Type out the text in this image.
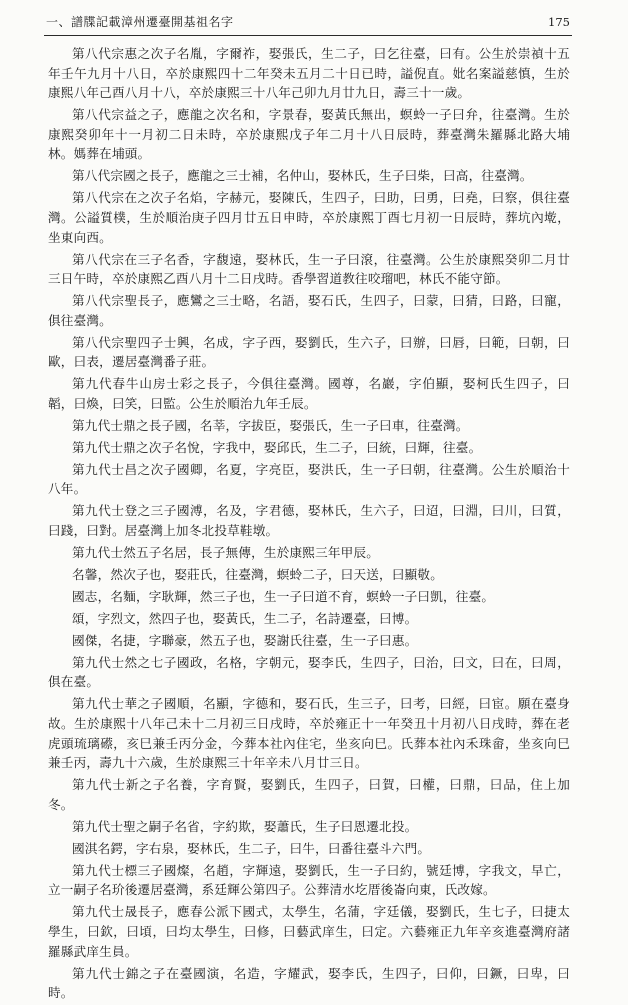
一、譜牒記載漳州遷臺開基祖名字	175

第八代宗惠之次子名胤，字爾祚，娶張氏，生二子，曰乞往臺，曰有。公生於崇禎十五年壬午九月十八日，卒於康熙四十二年癸未五月二十日已時，謚倪直。妣名案謚慈慎，生於康熙八年己酉八月十八，卒於康熙三十八年己卯九月廿九日，壽三十一歲。

第八代宗益之子，應龍之次名和，字景春，娶黃氏無出，螟蛉一子曰弁，往臺灣。生於康熙癸卯年十一月初二日未時，卒於康熙戊子年二月十八日辰時，葬臺灣朱羅縣北路大埔林。媽葬在埔頭。

第八代宗國之長子，應龍之三士補，名仲山，娶林氏，生子曰柴，曰高，往臺灣。

第八代宗在之次子名焰，字赫元，娶陳氏，生四子，曰助，曰勇，曰堯，曰察，俱往臺灣。公謚質樸，生於順治庚子四月廿五日申時，卒於康熙丁酉七月初一日辰時，葬坑內墘，坐東向西。

第八代宗在三子名香，字馥遠，娶林氏，生一子曰滾，往臺灣。公生於康熙癸卯二月廿三日午時，卒於康熙乙酉八月十二日戌時。香學習道教往咬瑠吧，林氏不能守節。

第八代宗聖長子，應鸞之三士略，名語，娶石氏，生四子，曰蒙，曰猜，曰路，曰寵，俱往臺灣。

第八代宗聖四子士興，名成，字子西，娶劉氏，生六子，曰辦，曰唇，曰範，曰朝，曰歐，曰表，遷居臺灣番子莊。

第九代春牛山房士彩之長子，今俱往臺灣。國尊，名巖，字伯顯，娶柯氏生四子，曰韜，曰煥，曰笑，曰監。公生於順治九年壬辰。

第九代士鼎之長子國，名莘，字拔臣，娶張氏，生一子曰車，往臺灣。

第九代士鼎之次子名悅，字我中，娶邱氏，生二子，曰統，曰輝，往臺。

第九代士昌之次子國卿，名夏，字亮臣，娶洪氏，生一子曰朝，往臺灣。公生於順治十八年。

第九代士登之三子國溥，名及，字君德，娶林氏，生六子，曰迢，曰淵，曰川，曰質，曰踐，曰對。居臺灣上加冬北投草鞋墩。

第九代士然五子名居，長子無傳，生於康熙三年甲辰。

名馨，然次子也，娶莊氏，往臺灣，螟蛉二子，曰天送，曰顯敬。

國志，名麵，字耿輝，然三子也，生一子曰道不育，螟蛉一子曰凱，往臺。

頌，字烈文，然四子也，娶黃氏，生二子，名詩遷臺，曰博。

國傑，名捷，字聯豪，然五子也，娶謝氏往臺，生一子曰惠。

第九代士然之七子國政，名格，字朝元，娶李氏，生四子，曰治，曰文，曰在，曰周，俱在臺。

第九代士華之子國順，名顯，字德和，娶石氏，生三子，曰考，曰經，曰宦。願在臺身故。生於康熙十八年己未十二月初三日戌時，卒於雍正十一年癸丑十月初八日戌時，葬在老虎頭琉璃礤，亥巳兼壬丙分金，今葬本社內住宅，坐亥向巳。氏葬本社內禾珠畲，坐亥向巳兼壬丙，壽九十六歲，生於康熙三十年辛未八月廿三日。

第九代士新之子名養，字育賢，娶劉氏，生四子，曰賀，曰權，曰鼎，曰品，住上加冬。

第九代士聖之嗣子名省，字約欺，娶蕭氏，生子曰恩遷北投。

國淇名鍔，字右泉，娶林氏，生二子，曰牛，曰番往臺斗六門。

第九代士標三子國燦，名趙，字輝遠，娶劉氏，生一子曰約，號廷博，字我文，早亡，立一嗣子名玠後遷居臺灣，系廷輝公第四子。公葬清水圪厝後崙向東，氏改嫁。

第九代士晟長子，應春公派下國式，太學生，名蒲，字廷儀，娶劉氏，生七子，曰捷太學生，曰欽，曰頃，曰均太學生，曰修，曰藝武庠生，曰定。六藝雍正九年辛亥進臺灣府諸羅縣武庠生員。

第九代士錦之子在臺國演，名造，字耀武，娶李氏，生四子，曰仰，曰鐝，曰卑，曰時。
